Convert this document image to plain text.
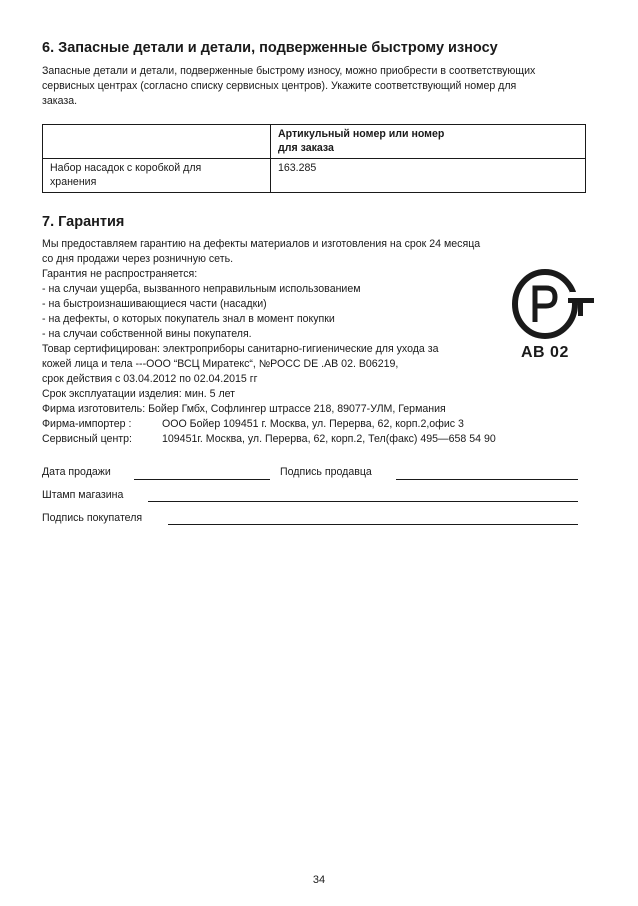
6. Запасные детали и детали, подверженные быстрому износу
Запасные детали и детали, подверженные быстрому износу, можно приобрести в соответствующих
сервисных центрах (согласно списку сервисных центров). Укажите соответствующий номер для
заказа.

	Артикульный номер или номер
для заказа

Набор насадок с коробкой для
хранения	163.285
7. Гарантия
Мы предоставляем гарантию на дефекты материалов и изготовления на срок 24 месяца
со дня продажи через розничную сеть.
Гарантия не распространяется:
- на случаи ущерба, вызванного неправильным использованием
- на быстроизнашивающиеся части (насадки)
- на дефекты, о которых покупатель знал в момент покупки
- на случаи собственной вины покупателя.
Товар сертифицирован: электроприборы санитарно-гигиенические для ухода за
кожей лица и тела ---ООО “ВСЦ Миратекс“, №РОСС DE .AB 02. B06219,
срок действия с 03.04.2012 по 02.04.2015 гг
Срок эксплуатации изделия: мин. 5 лет
Фирма изготовитель: Бойер Гмбх, Софлингер штрассе 218, 89077-УЛМ, Германия
Фирма-импортер :	ООО Бойер 109451 г. Москва, ул. Перерва, 62, корп.2,офис 3
Сервисный центр:	109451г. Москва, ул. Перерва, 62, корп.2, Тел(факс) 495—658 54 90
АВ 02
Дата продажи	Подпись продавца
Штамп магазина
Подпись покупателя
34
